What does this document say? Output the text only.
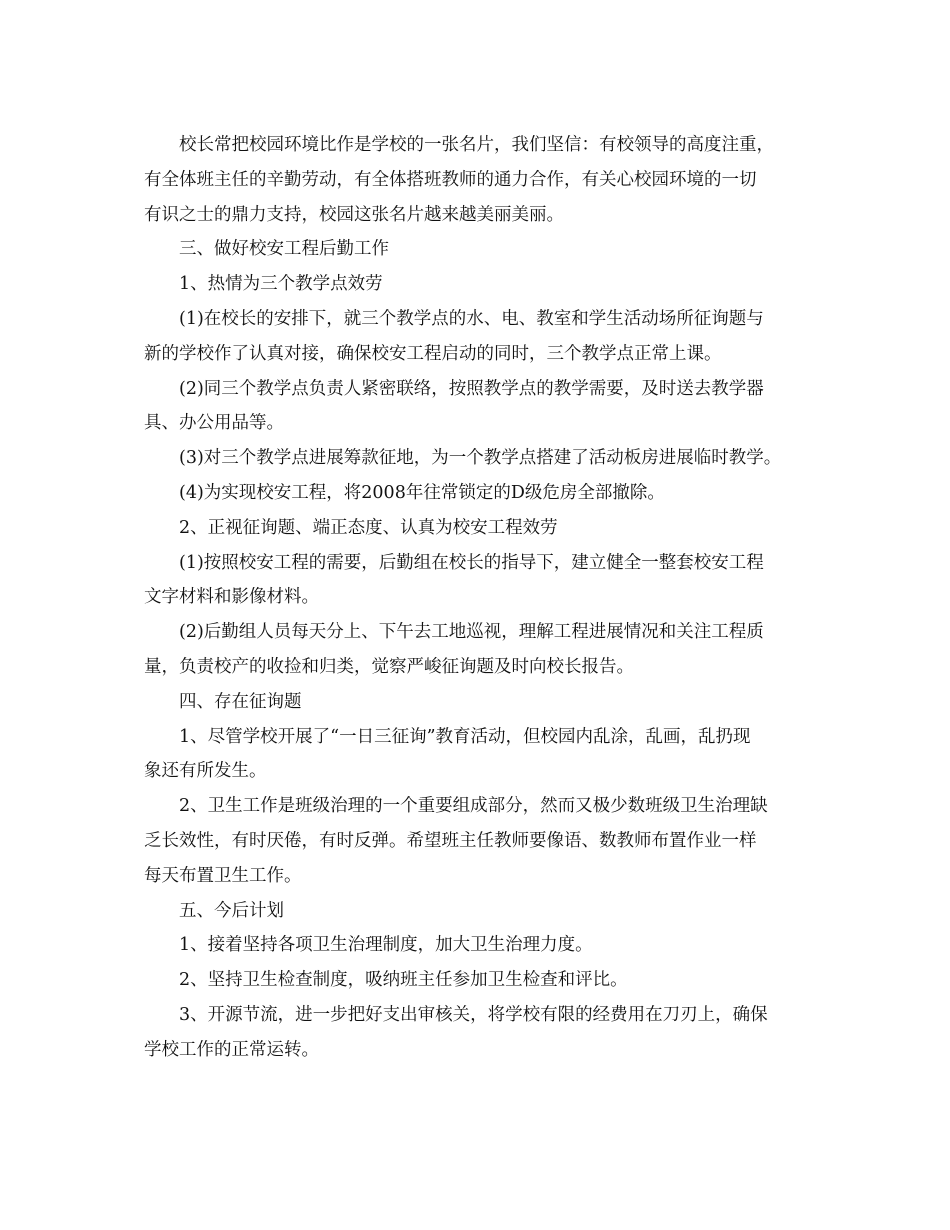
校长常把校园环境比作是学校的一张名片，我们坚信：有校领导的高度注重，
有全体班主任的辛勤劳动，有全体搭班教师的通力合作，有关心校园环境的一切
有识之士的鼎力支持，校园这张名片越来越美丽美丽。

三、做好校安工程后勤工作

1、热情为三个教学点效劳

(1)在校长的安排下，就三个教学点的水、电、教室和学生活动场所征询题与
新的学校作了认真对接，确保校安工程启动的同时，三个教学点正常上课。

(2)同三个教学点负责人紧密联络，按照教学点的教学需要，及时送去教学器
具、办公用品等。

(3)对三个教学点进展筹款征地，为一个教学点搭建了活动板房进展临时教学。

(4)为实现校安工程，将2008年往常锁定的D级危房全部撤除。

2、正视征询题、端正态度、认真为校安工程效劳

(1)按照校安工程的需要，后勤组在校长的指导下，建立健全一整套校安工程
文字材料和影像材料。

(2)后勤组人员每天分上、下午去工地巡视，理解工程进展情况和关注工程质
量，负责校产的收捡和归类，觉察严峻征询题及时向校长报告。

四、存在征询题

1、尽管学校开展了“一日三征询”教育活动，但校园内乱涂，乱画，乱扔现
象还有所发生。

2、卫生工作是班级治理的一个重要组成部分，然而又极少数班级卫生治理缺
乏长效性，有时厌倦，有时反弹。希望班主任教师要像语、数教师布置作业一样
每天布置卫生工作。

五、今后计划

1、接着坚持各项卫生治理制度，加大卫生治理力度。

2、坚持卫生检查制度，吸纳班主任参加卫生检查和评比。

3、开源节流，进一步把好支出审核关，将学校有限的经费用在刀刃上，确保
学校工作的正常运转。
